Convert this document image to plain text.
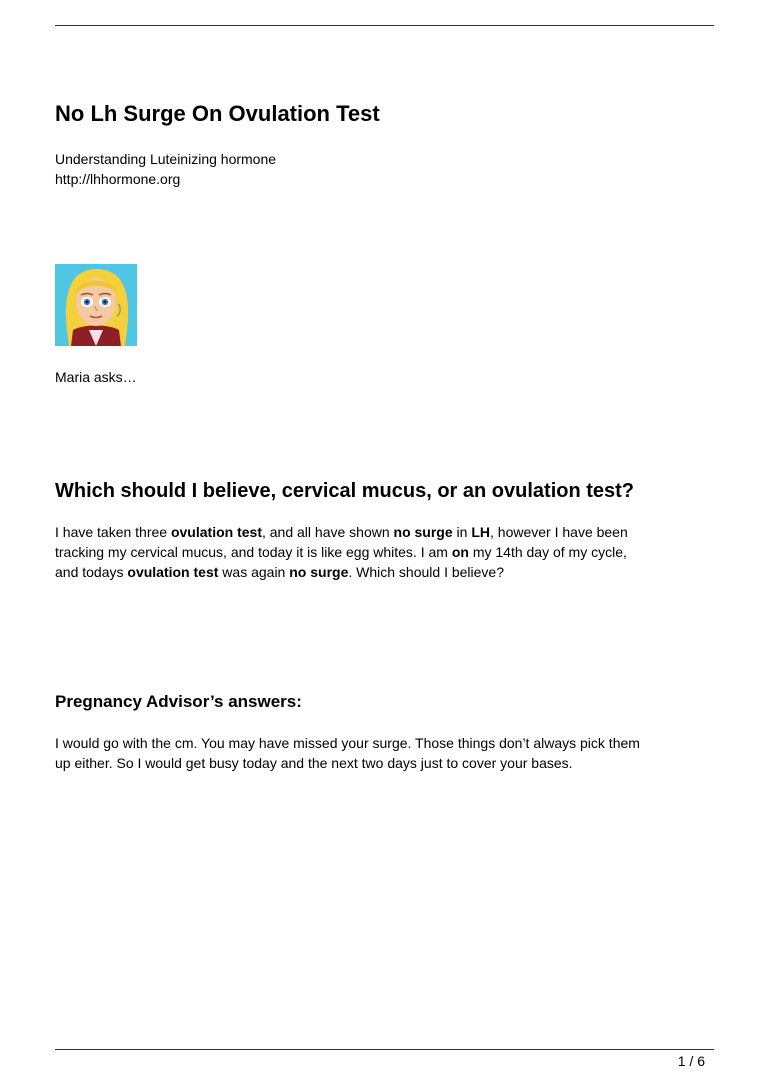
No Lh Surge On Ovulation Test
Understanding Luteinizing hormone
http://lhhormone.org
Maria asks…
Which should I believe, cervical mucus, or an ovulation test?
I have taken three ovulation test, and all have shown no surge in LH, however I have been
tracking my cervical mucus, and today it is like egg whites. I am on my 14th day of my cycle,
and todays ovulation test was again no surge. Which should I believe?
Pregnancy Advisor’s answers:
I would go with the cm. You may have missed your surge. Those things don’t always pick them
up either. So I would get busy today and the next two days just to cover your bases.
1 / 6
